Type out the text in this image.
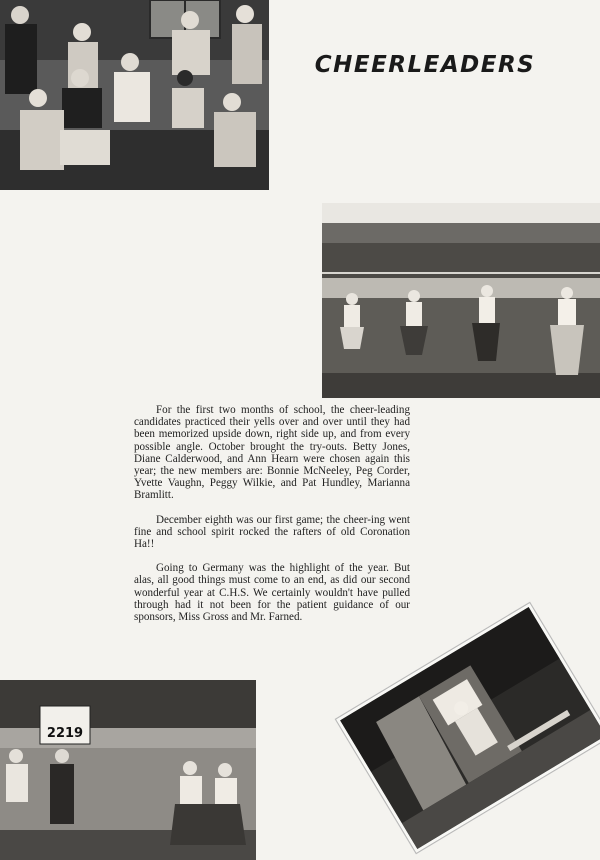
CHEERLEADERS

For the first two months of school, the cheer-leading candidates practiced their yells over and over until they had been memorized upside down, right side up, and from every possible angle. October brought the try-outs. Betty Jones, Diane Calderwood, and Ann Hearn were chosen again this year; the new members are: Bonnie McNeeley, Peg Corder, Yvette Vaughn, Peggy Wilkie, and Pat Hundley, Marianna Bramlitt.

December eighth was our first game; the cheer-ing went fine and school spirit rocked the rafters of old Coronation Ha!!

Going to Germany was the highlight of the year. But alas, all good things must come to an end, as did our second wonderful year at C.H.S. We certainly wouldn't have pulled through had it not been for the patient guidance of our sponsors, Miss Gross and Mr. Farned.

2219
